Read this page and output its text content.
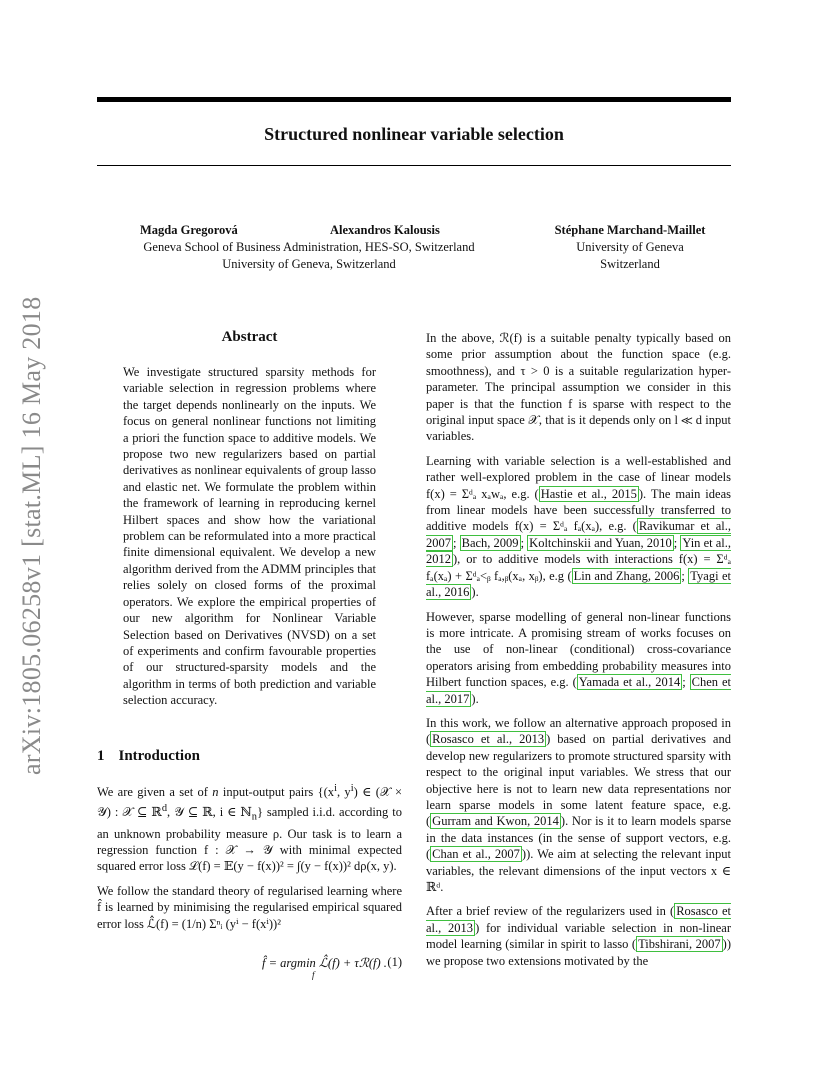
Structured nonlinear variable selection
arXiv:1805.06258v1 [stat.ML] 16 May 2018
Magda Gregorová	Alexandros Kalousis
Geneva School of Business Administration, HES-SO, Switzerland
University of Geneva, Switzerland
Stéphane Marchand-Maillet
University of Geneva
Switzerland
Abstract

We investigate structured sparsity methods for variable selection in regression problems where the target depends nonlinearly on the inputs. We focus on general nonlinear functions not limiting a priori the function space to additive models. We propose two new regularizers based on partial derivatives as nonlinear equivalents of group lasso and elastic net. We formulate the problem within the framework of learning in reproducing kernel Hilbert spaces and show how the variational problem can be reformulated into a more practical finite dimensional equivalent. We develop a new algorithm derived from the ADMM principles that relies solely on closed forms of the proximal operators. We explore the empirical properties of our new algorithm for Nonlinear Variable Selection based on Derivatives (NVSD) on a set of experiments and confirm favourable properties of our structured-sparsity models and the algorithm in terms of both prediction and variable selection accuracy.

1 Introduction

We are given a set of n input-output pairs {($x^i$, $y^i$) ∈ (𝒳 × 𝒴) : 𝒳 ⊆ ℝ$^d$, 𝒴 ⊆ ℝ, i ∈ ℕ$_n$} sampled i.i.d. according to an unknown probability measure ρ. Our task is to learn a regression function f : 𝒳 → 𝒴 with minimal expected squared error loss ℒ(f) = 𝔼(y − f(x))² = ∫(y − f(x))² dρ(x, y).

We follow the standard theory of regularised learning where f̂ is learned by minimising the regularised empirical squared error loss ℒ̂(f) = (1/n) Σⁿᵢ (yⁱ − f(xⁱ))²

f̂ = argmin ℒ̂(f) + τℛ(f) .
f
(1)

In the above, ℛ(f) is a suitable penalty typically based on some prior assumption about the function space (e.g. smoothness), and τ > 0 is a suitable regularization hyper-parameter. The principal assumption we consider in this paper is that the function f is sparse with respect to the original input space 𝒳, that is it depends only on l ≪ d input variables.

Learning with variable selection is a well-established and rather well-explored problem in the case of linear models f(x) = Σᵈₐ xₐwₐ, e.g. ( Hastie et al., 2015 ). The main ideas from linear models have been successfully transferred to additive models f(x) = Σᵈₐ fₐ(xₐ), e.g. ( Ravikumar et al., 2007 ; Bach, 2009 ; Koltchinskii and Yuan, 2010 ; Yin et al., 2012 ), or to additive models with interactions f(x) = Σᵈₐ fₐ(xₐ) + Σᵈₐ<ᵦ fₐ,ᵦ(xₐ, xᵦ), e.g ( Lin and Zhang, 2006 ; Tyagi et al., 2016 ).

However, sparse modelling of general non-linear functions is more intricate. A promising stream of works focuses on the use of non-linear (conditional) cross-covariance operators arising from embedding probability measures into Hilbert function spaces, e.g. ( Yamada et al., 2014 ; Chen et al., 2017 ).

In this work, we follow an alternative approach proposed in ( Rosasco et al., 2013 ) based on partial derivatives and develop new regularizers to promote structured sparsity with respect to the original input variables. We stress that our objective here is not to learn new data representations nor learn sparse models in some latent feature space, e.g. ( Gurram and Kwon, 2014 ). Nor is it to learn models sparse in the data instances (in the sense of support vectors, e.g. ( Chan et al., 2007 )). We aim at selecting the relevant input variables, the relevant dimensions of the input vectors x ∈ ℝᵈ.

After a brief review of the regularizers used in ( Rosasco et al., 2013 ) for individual variable selection in non-linear model learning (similar in spirit to lasso ( Tibshirani, 2007 )) we propose two extensions motivated by the
